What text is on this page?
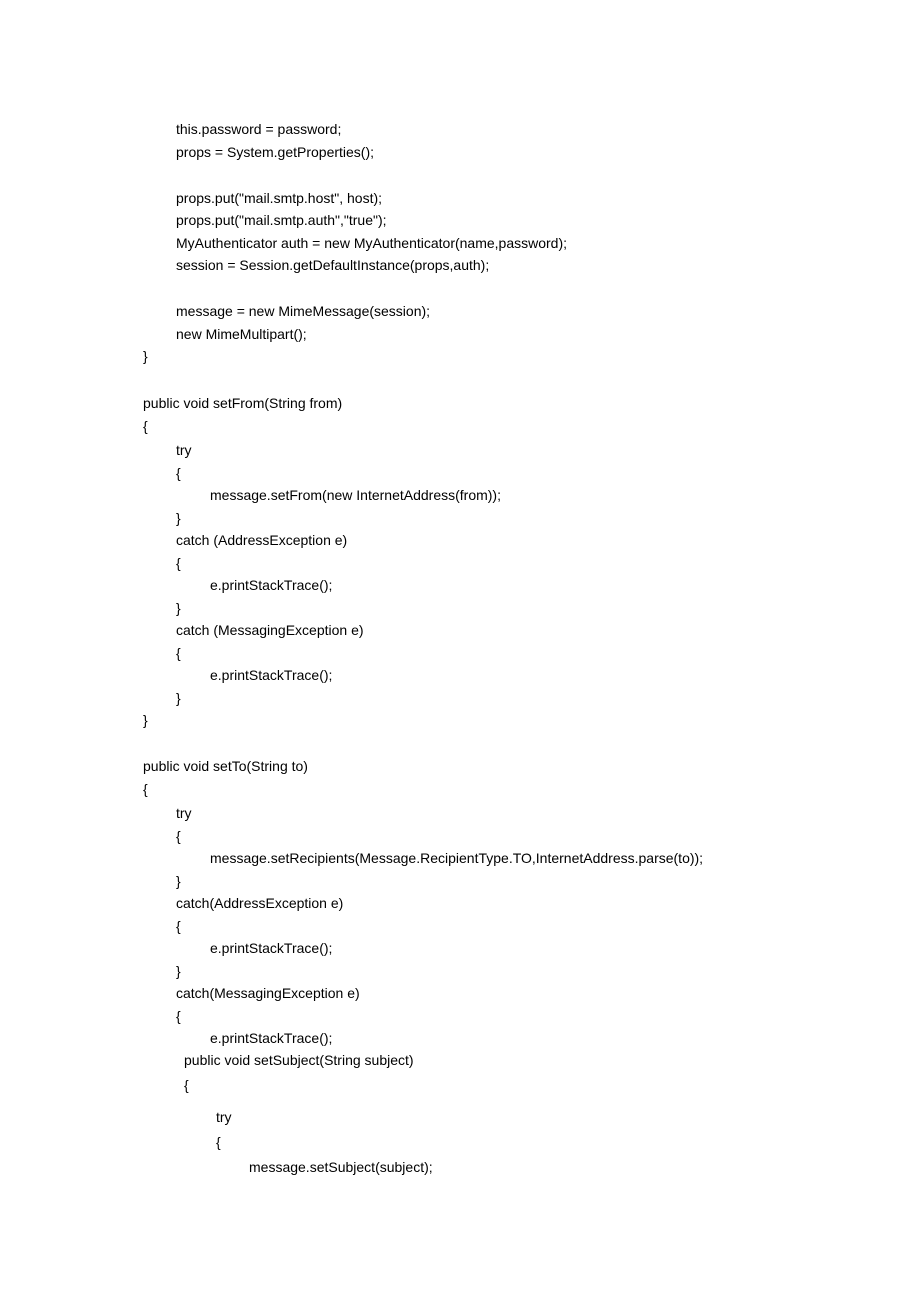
this.password = password;
props = System.getProperties();
props.put("mail.smtp.host", host);
props.put("mail.smtp.auth","true");
MyAuthenticator auth = new MyAuthenticator(name,password);
session = Session.getDefaultInstance(props,auth);
message = new MimeMessage(session);
new MimeMultipart();
}
public void setFrom(String from)
{
try
{
message.setFrom(new InternetAddress(from));
}
catch (AddressException e)
{
e.printStackTrace();
}
catch (MessagingException e)
{
e.printStackTrace();
}
}
public void setTo(String to)
{
try
{
message.setRecipients(Message.RecipientType.TO,InternetAddress.parse(to));
}
catch(AddressException e)
{
e.printStackTrace();
}
catch(MessagingException e)
{
e.printStackTrace();
public void setSubject(String subject)
{
try
{
message.setSubject(subject);
